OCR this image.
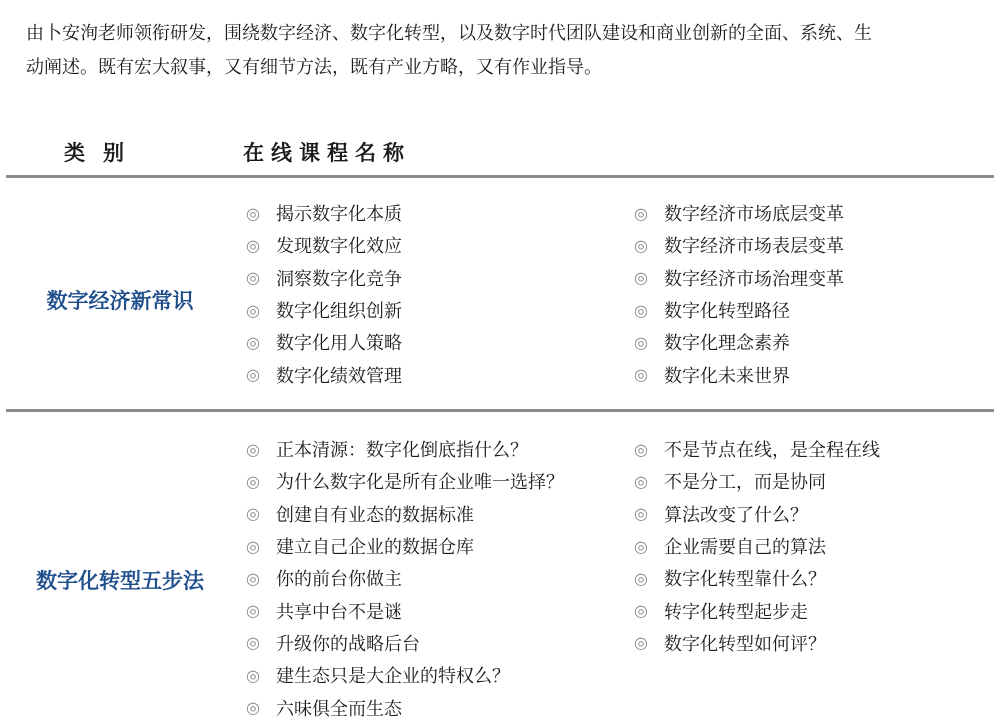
由卜安洵老师领衔研发，围绕数字经济、数字化转型，以及数字时代团队建设和商业创新的全面、系统、生

动阐述。既有宏大叙事，又有细节方法，既有产业方略，又有作业指导。

类别	在线课程名称
数字经济新常识
◎ 揭示数字化本质
◎ 发现数字化效应
◎ 洞察数字化竞争
◎ 数字化组织创新
◎ 数字化用人策略
◎ 数字化绩效管理
◎ 数字经济市场底层变革
◎ 数字经济市场表层变革
◎ 数字经济市场治理变革
◎ 数字化转型路径
◎ 数字化理念素养
◎ 数字化未来世界
数字化转型五步法
◎ 正本清源：数字化倒底指什么？
◎ 为什么数字化是所有企业唯一选择？
◎ 创建自有业态的数据标准
◎ 建立自己企业的数据仓库
◎ 你的前台你做主
◎ 共享中台不是谜
◎ 升级你的战略后台
◎ 建生态只是大企业的特权么？
◎ 六味俱全而生态
◎ 不是节点在线，是全程在线
◎ 不是分工，而是协同
◎ 算法改变了什么？
◎ 企业需要自己的算法
◎ 数字化转型靠什么？
◎ 转字化转型起步走
◎ 数字化转型如何评？
